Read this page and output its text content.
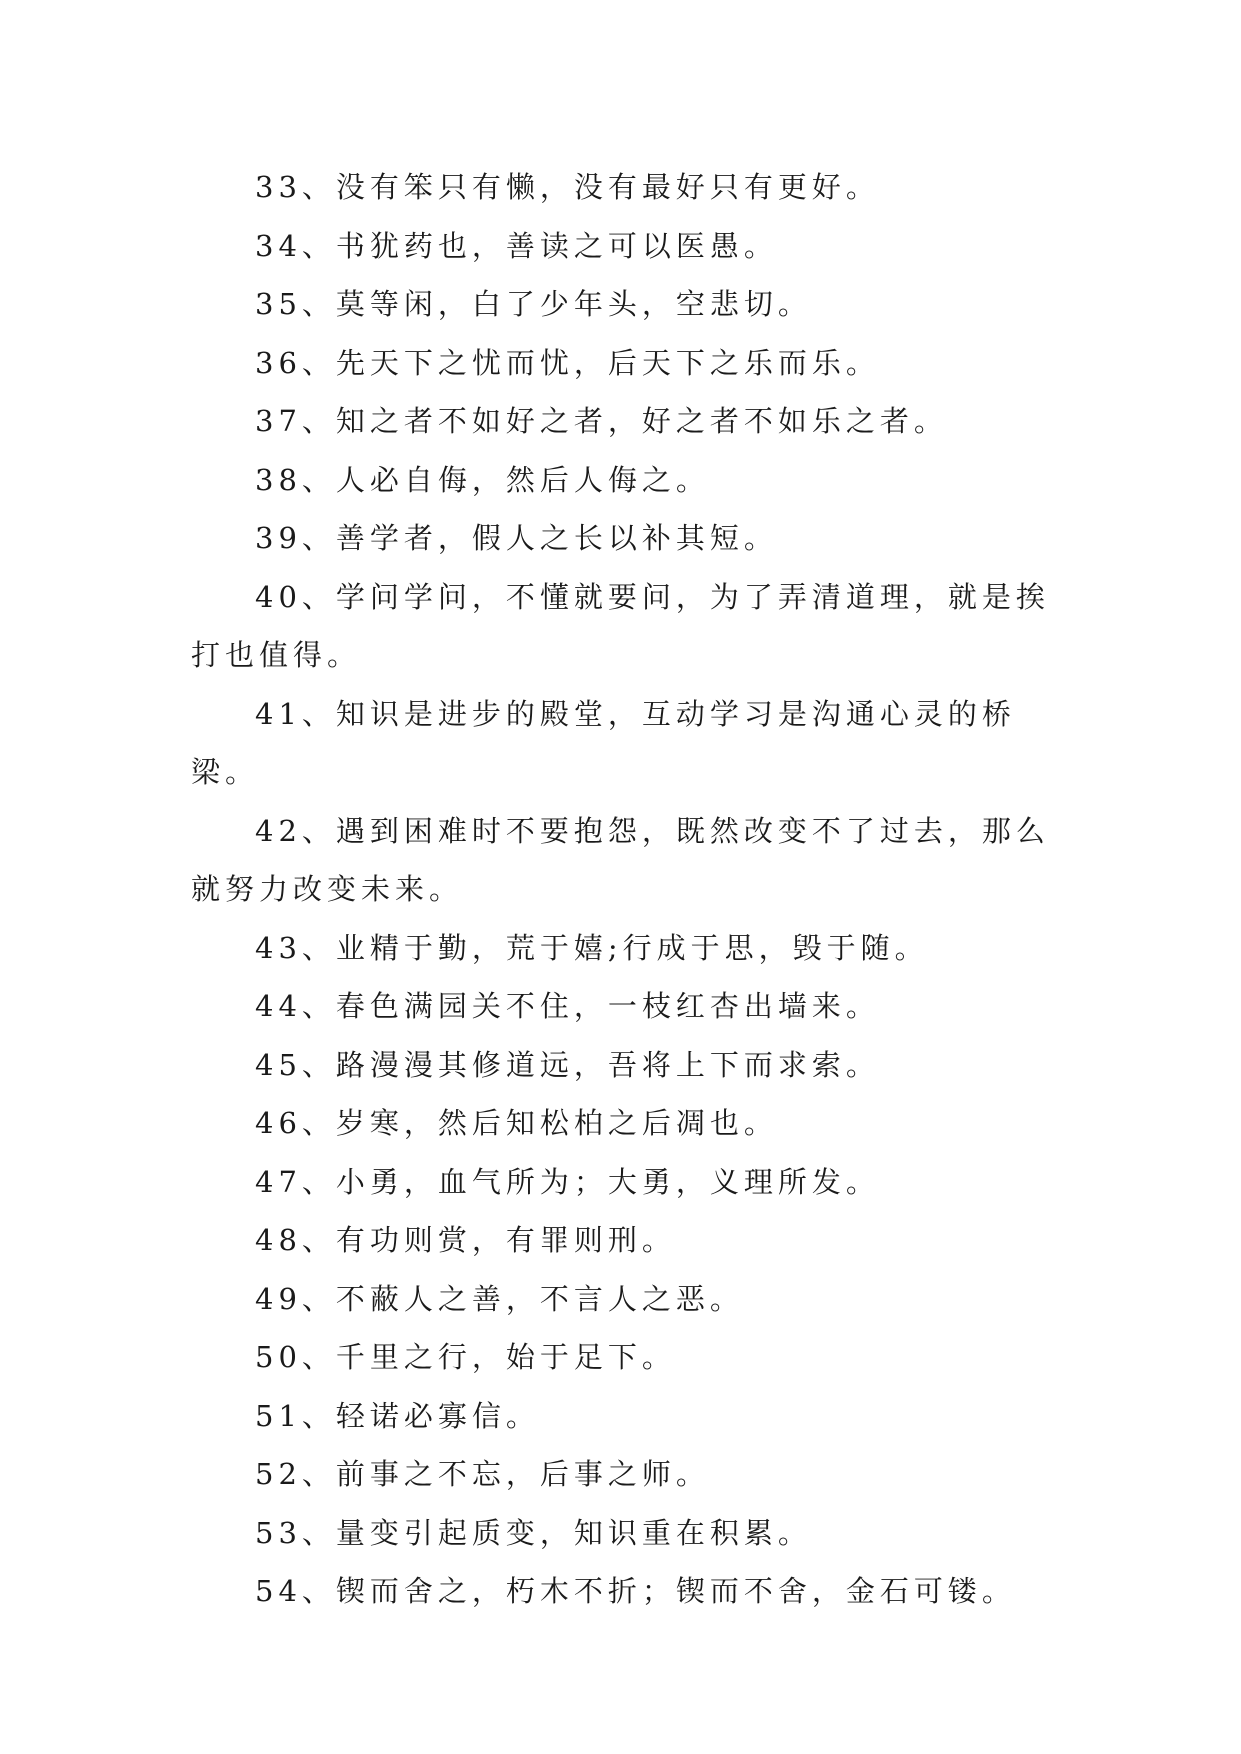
33、没有笨只有懒，没有最好只有更好。

34、书犹药也，善读之可以医愚。

35、莫等闲，白了少年头，空悲切。

36、先天下之忧而忧，后天下之乐而乐。

37、知之者不如好之者，好之者不如乐之者。

38、人必自侮，然后人侮之。

39、善学者，假人之长以补其短。

40、学问学问，不懂就要问，为了弄清道理，就是挨打也值得。

41、知识是进步的殿堂，互动学习是沟通心灵的桥梁。

42、遇到困难时不要抱怨，既然改变不了过去，那么就努力改变未来。

43、业精于勤，荒于嬉;行成于思，毁于随。

44、春色满园关不住，一枝红杏出墙来。

45、路漫漫其修道远，吾将上下而求索。

46、岁寒，然后知松柏之后凋也。

47、小勇，血气所为；大勇，义理所发。

48、有功则赏，有罪则刑。

49、不蔽人之善，不言人之恶。

50、千里之行，始于足下。

51、轻诺必寡信。

52、前事之不忘，后事之师。

53、量变引起质变，知识重在积累。

54、锲而舍之，朽木不折；锲而不舍，金石可镂。
